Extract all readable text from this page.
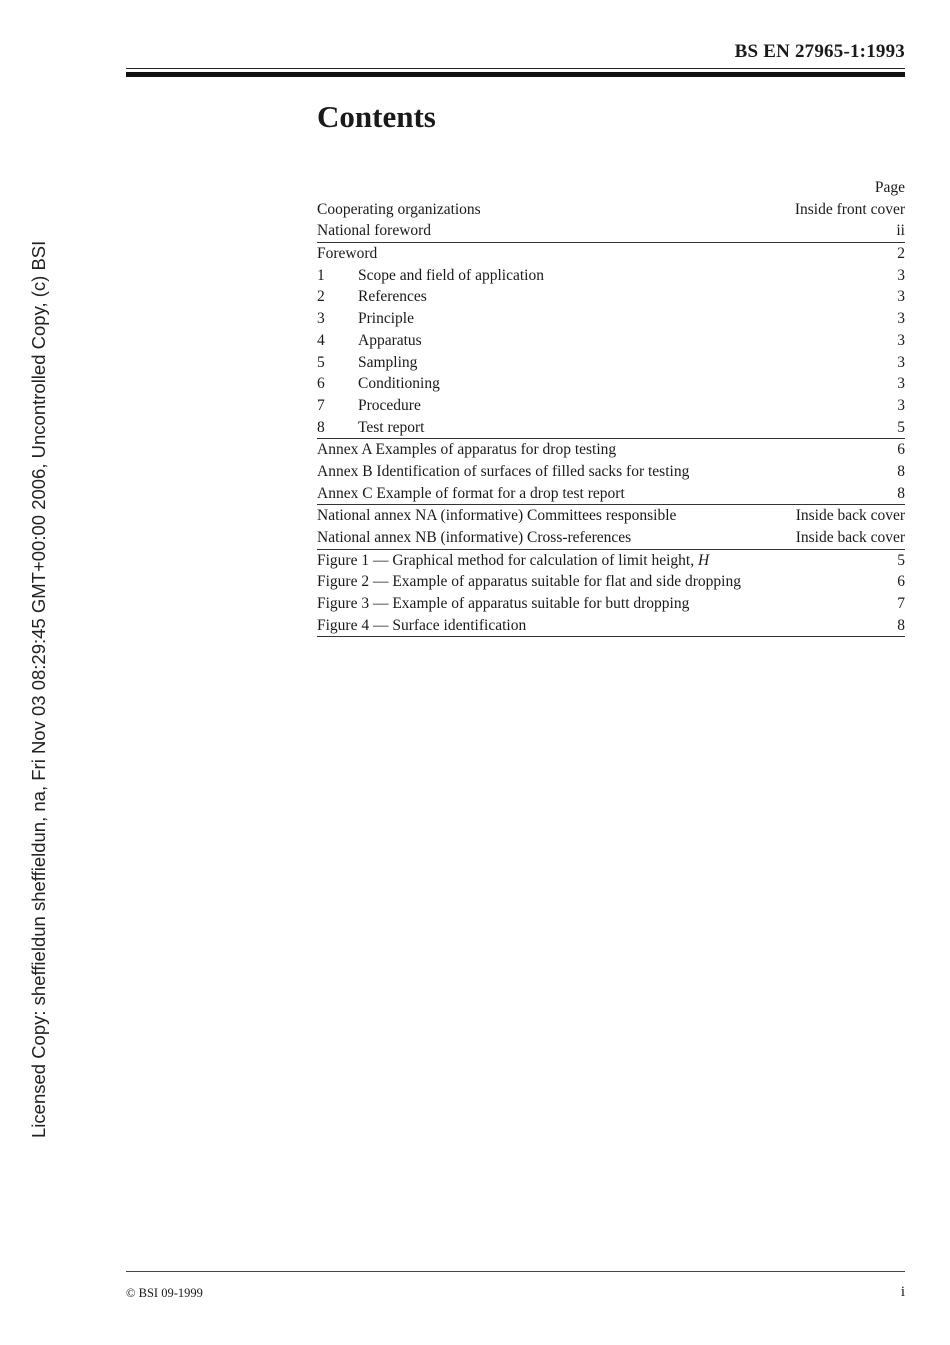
BS EN 27965-1:1993
Contents
Page
Cooperating organizations	Inside front cover
National foreword	ii
Foreword	2
1 Scope and field of application	3
2 References	3
3 Principle	3
4 Apparatus	3
5 Sampling	3
6 Conditioning	3
7 Procedure	3
8 Test report	5
Annex A Examples of apparatus for drop testing	6
Annex B Identification of surfaces of filled sacks for testing	8
Annex C Example of format for a drop test report	8
National annex NA (informative) Committees responsible	Inside back cover
National annex NB (informative) Cross-references	Inside back cover
Figure 1 — Graphical method for calculation of limit height, H	5
Figure 2 — Example of apparatus suitable for flat and side dropping	6
Figure 3 — Example of apparatus suitable for butt dropping	7
Figure 4 — Surface identification	8
Licensed Copy: sheffieldun sheffieldun, na, Fri Nov 03 08:29:45 GMT+00:00 2006, Uncontrolled Copy, (c) BSI
© BSI 09-1999	i
